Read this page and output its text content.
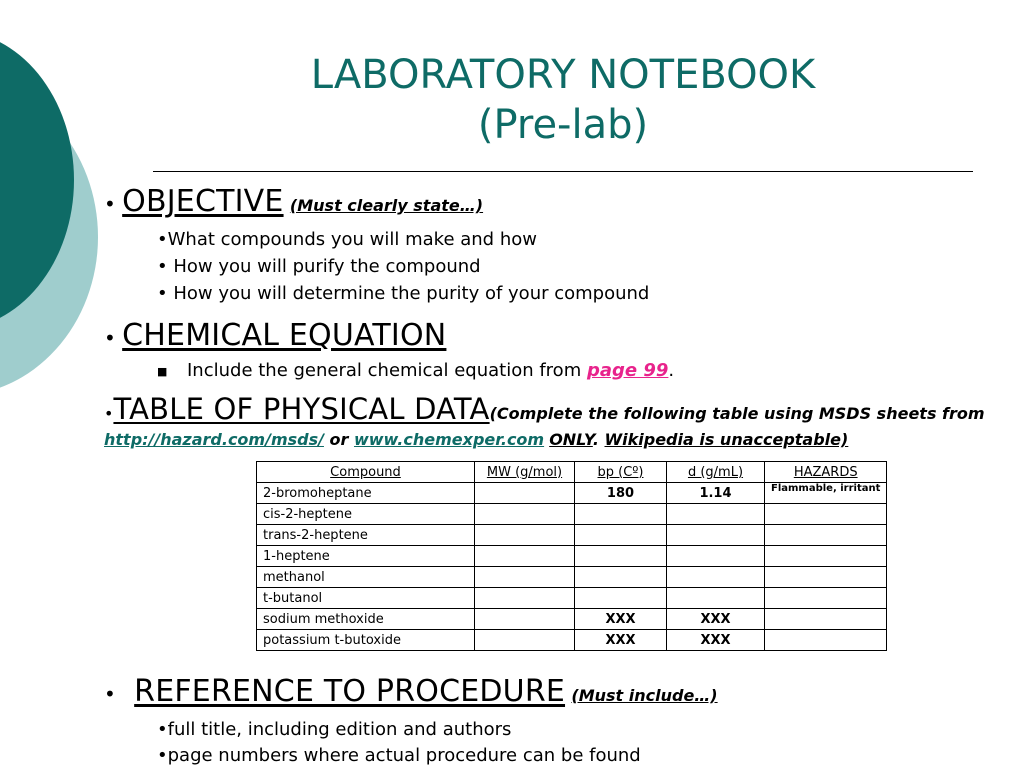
LABORATORY NOTEBOOK
(Pre-lab)
• OBJECTIVE (Must clearly state…)
•What compounds you will make and how
• How you will purify the compound
• How you will determine the purity of your compound
• CHEMICAL EQUATION
■ Include the general chemical equation from page 99.
•TABLE OF PHYSICAL DATA(Complete the following table using MSDS sheets from http://hazard.com/msds/ or www.chemexper.com ONLY. Wikipedia is unacceptable)
Compound	MW (g/mol)	bp (Cº)	d (g/mL)	HAZARDS
2-bromoheptane		180	1.14	Flammable, irritant
cis-2-heptene				
trans-2-heptene				
1-heptene				
methanol				
t-butanol				
sodium methoxide		XXX	XXX	
potassium t-butoxide		XXX	XXX	
• REFERENCE TO PROCEDURE (Must include…)
•full title, including edition and authors
•page numbers where actual procedure can be found
